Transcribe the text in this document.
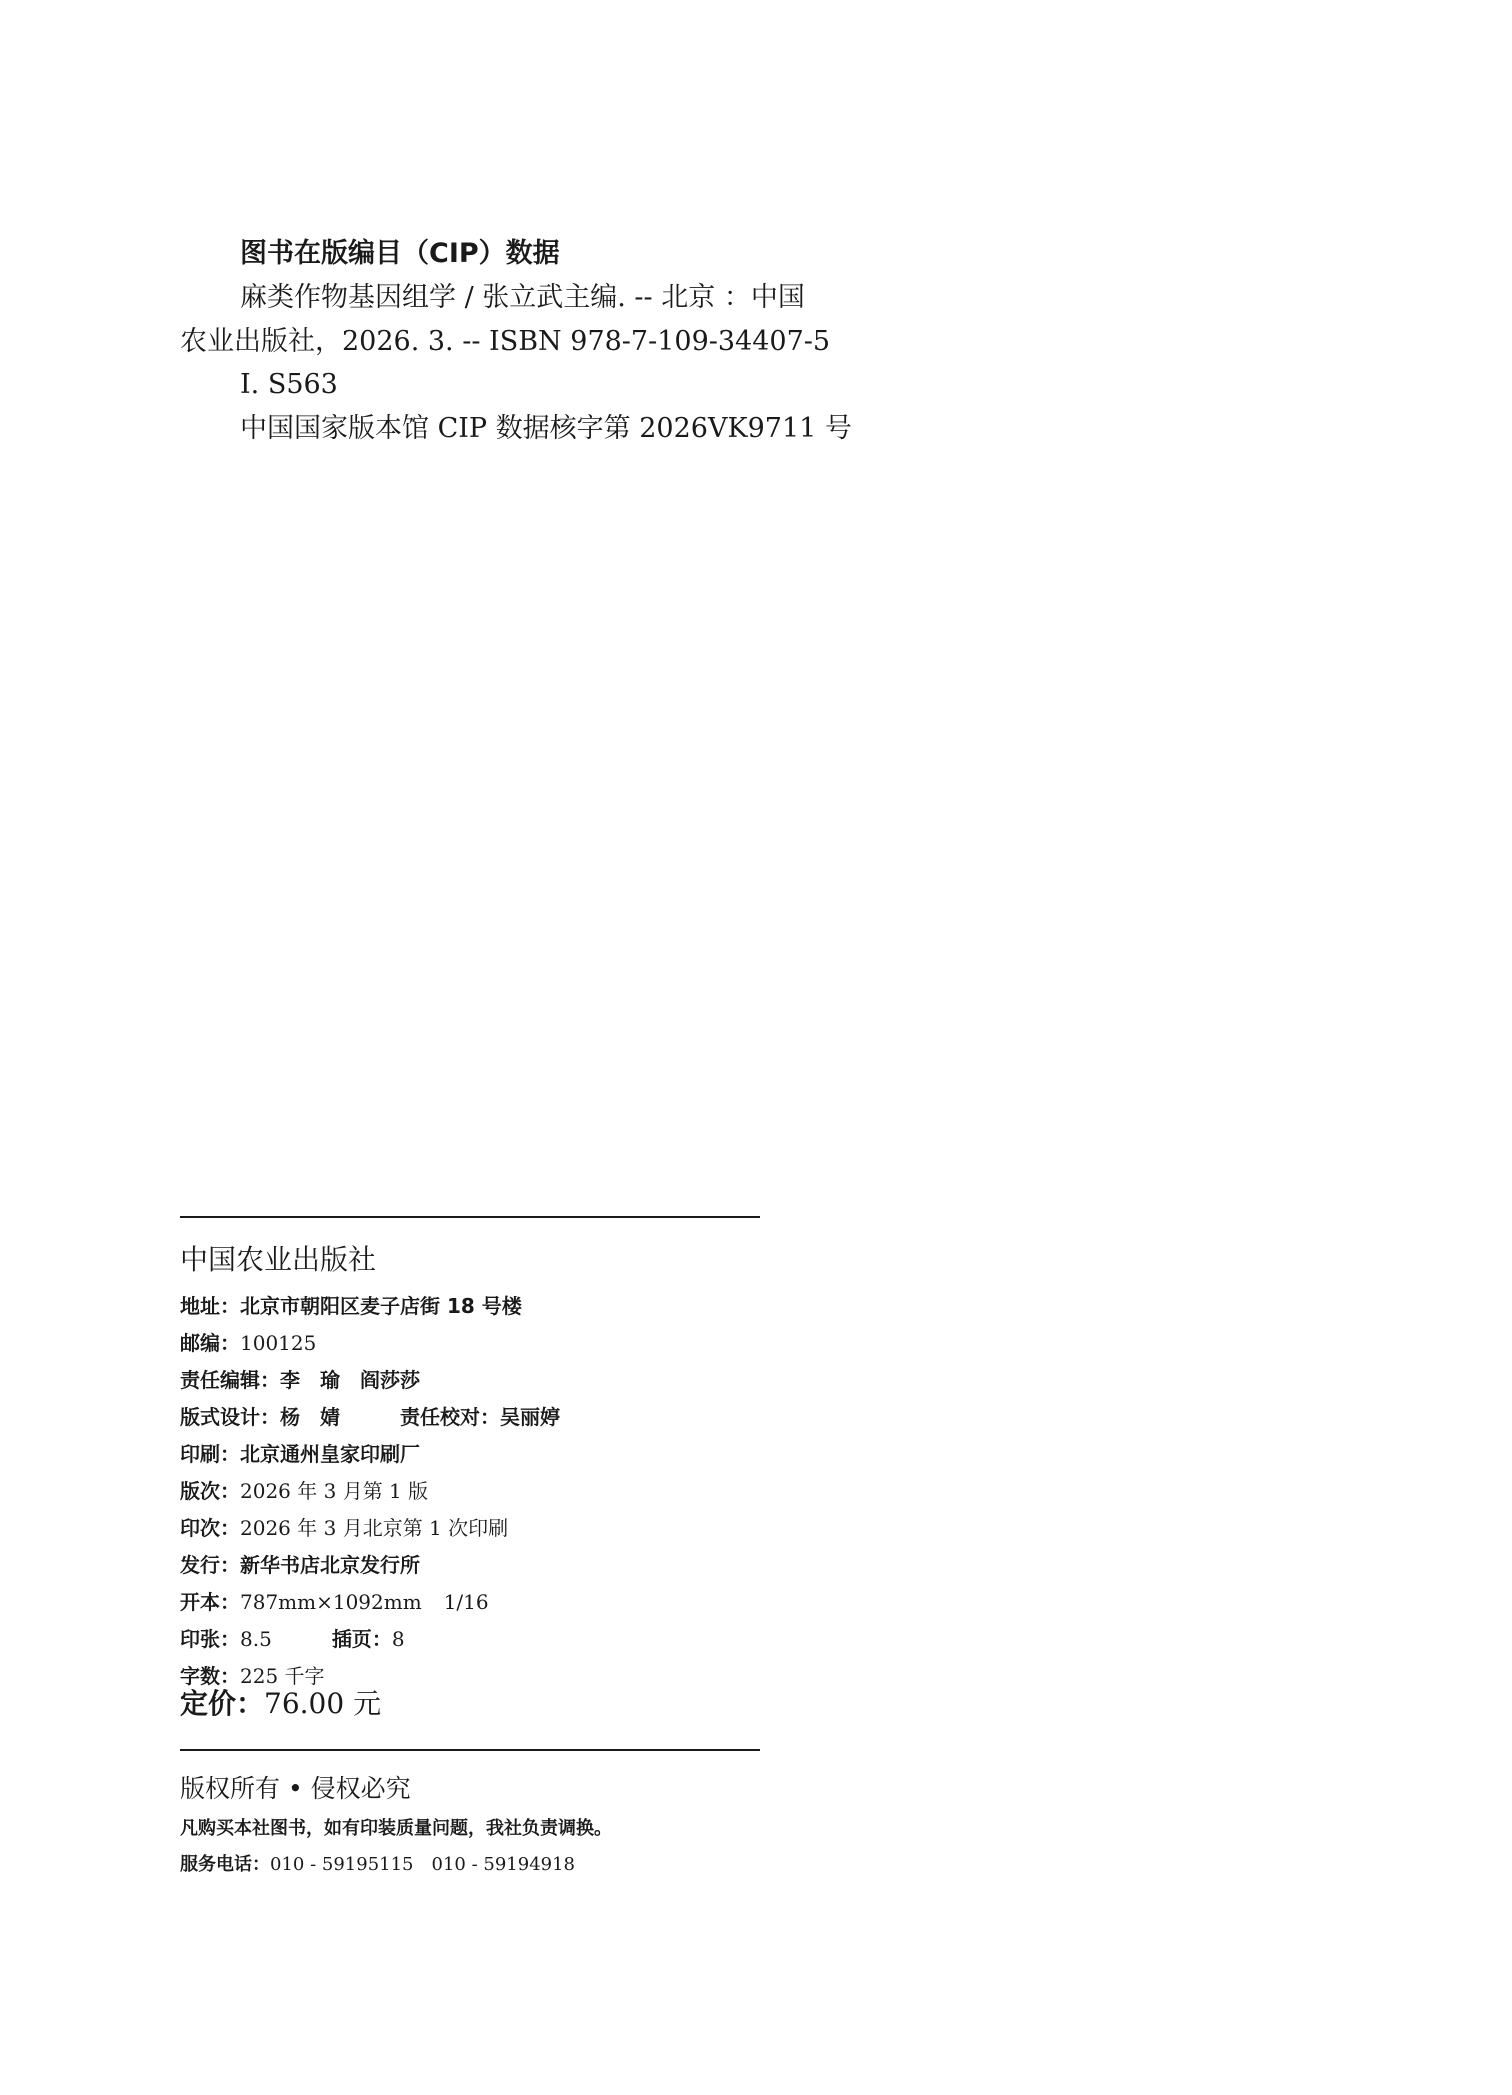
图书在版编目（CIP）数据
麻类作物基因组学 / 张立武主编. -- 北京 ：中国
农业出版社，2026. 3. -- ISBN 978-7-109-34407-5
Ⅰ. S563
中国国家版本馆 CIP 数据核字第 2026VK9711 号
中国农业出版社
地址：北京市朝阳区麦子店街 18 号楼
邮编：100125
责任编辑：李　瑜　阎莎莎
版式设计：杨　婧	责任校对：吴丽婷
印刷：北京通州皇家印刷厂
版次：2026 年 3 月第 1 版
印次：2026 年 3 月北京第 1 次印刷
发行：新华书店北京发行所
开本：787mm×1092mm 1/16
印张：8.5	插页：8
字数：225 千字
定价：76.00 元
版权所有 • 侵权必究
凡购买本社图书，如有印装质量问题，我社负责调换。
服务电话：010 - 59195115　010 - 59194918
